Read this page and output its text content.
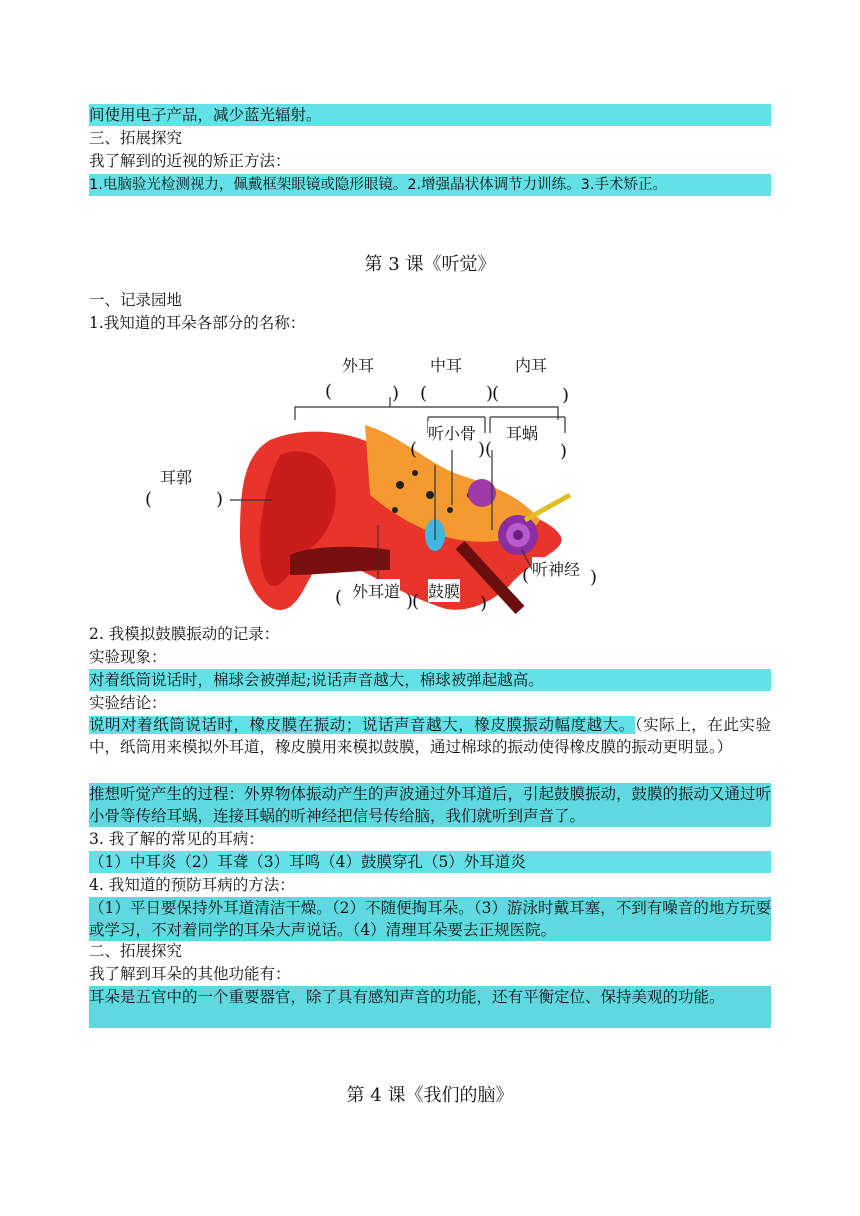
间使用电子产品，减少蓝光辐射。
三、拓展探究
我了解到的近视的矫正方法：
1.电脑验光检测视力，佩戴框架眼镜或隐形眼镜。2.增强晶状体调节力训练。3.手术矫正。
第 3 课《听觉》
一、记录园地
1.我知道的耳朵各部分的名称：
外耳	中耳	内耳
(	) (	)
(	)
听小骨 耳蜗
(	) (	)
耳郭
(	)
外耳道 鼓膜
(	)
(	)
听神经
(	)
2. 我模拟鼓膜振动的记录：
实验现象：
对着纸筒说话时，棉球会被弹起;说话声音越大，棉球被弹起越高。
实验结论：
说明对着纸筒说话时，橡皮膜在振动；说话声音越大，橡皮膜振动幅度越大。（实际上，在此实验中，纸筒用来模拟外耳道，橡皮膜用来模拟鼓膜，通过棉球的振动使得橡皮膜的振动更明显。）
推想听觉产生的过程：外界物体振动产生的声波通过外耳道后，引起鼓膜振动，鼓膜的振动又通过听小骨等传给耳蜗，连接耳蜗的听神经把信号传给脑，我们就听到声音了。
3. 我了解的常见的耳病：
（1）中耳炎（2）耳聋（3）耳鸣（4）鼓膜穿孔（5）外耳道炎
4. 我知道的预防耳病的方法：
（1）平日要保持外耳道清洁干燥。（2）不随便掏耳朵。（3）游泳时戴耳塞，不到有噪音的地方玩耍或学习，不对着同学的耳朵大声说话。（4）清理耳朵要去正规医院。
二、拓展探究
我了解到耳朵的其他功能有：
耳朵是五官中的一个重要器官，除了具有感知声音的功能，还有平衡定位、保持美观的功能。
第 4 课《我们的脑》
